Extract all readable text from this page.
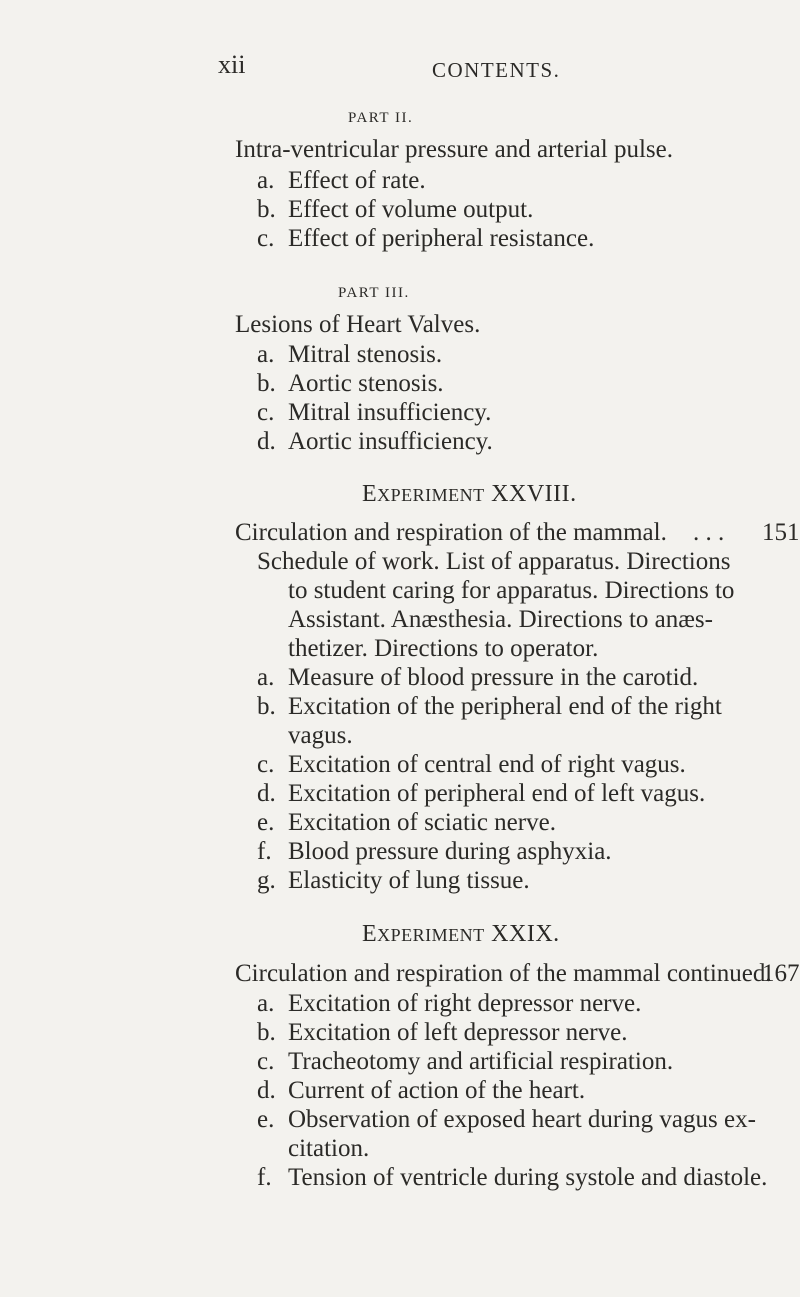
xii	CONTENTS.
PART II.
Intra-ventricular pressure and arterial pulse.
a. Effect of rate.
b. Effect of volume output.
c. Effect of peripheral resistance.
PART III.
Lesions of Heart Valves.
a. Mitral stenosis.
b. Aortic stenosis.
c. Mitral insufficiency.
d. Aortic insufficiency.
EXPERIMENT XXVIII.
Circulation and respiration of the mammal. . . . 151
Schedule of work. List of apparatus. Directions
to student caring for apparatus. Directions to
Assistant. Anæsthesia. Directions to anæs-
thetizer. Directions to operator.
a. Measure of blood pressure in the carotid.
b. Excitation of the peripheral end of the right
vagus.
c. Excitation of central end of right vagus.
d. Excitation of peripheral end of left vagus.
e. Excitation of sciatic nerve.
f. Blood pressure during asphyxia.
g. Elasticity of lung tissue.
EXPERIMENT XXIX.
Circulation and respiration of the mammal continued.
167
a. Excitation of right depressor nerve.
b. Excitation of left depressor nerve.
c. Tracheotomy and artificial respiration.
d. Current of action of the heart.
e. Observation of exposed heart during vagus ex-
citation.
f. Tension of ventricle during systole and diastole.
